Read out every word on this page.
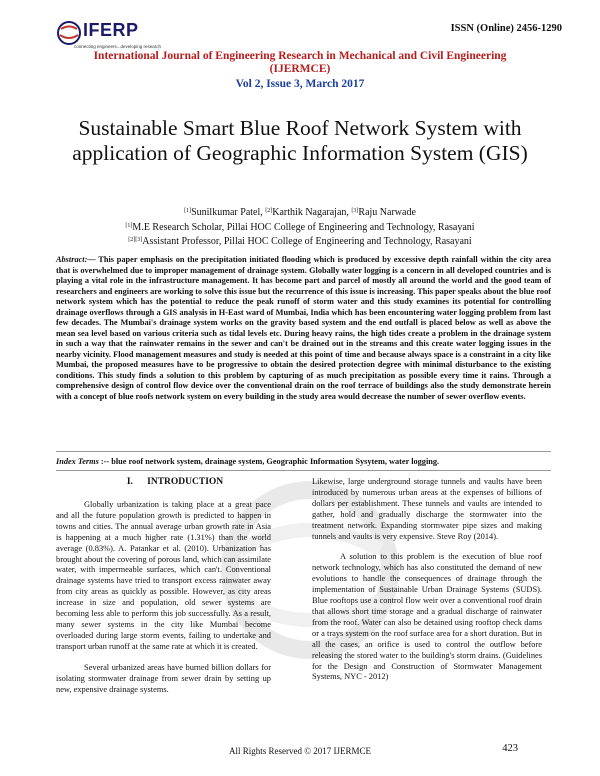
IFERP
connecting engineers...developing research
ISSN (Online) 2456-1290
International Journal of Engineering Research in Mechanical and Civil Engineering
(IJERMCE)
Vol 2, Issue 3, March 2017
Sustainable Smart Blue Roof Network System with application of Geographic Information System (GIS)
[1]Sunilkumar Patel, [2]Karthik Nagarajan, [3]Raju Narwade
[1]M.E Research Scholar, Pillai HOC College of Engineering and Technology, Rasayani
[2][3]Assistant Professor, Pillai HOC College of Engineering and Technology, Rasayani
Abstract:— This paper emphasis on the precipitation initiated flooding which is produced by excessive depth rainfall within the city area that is overwhelmed due to improper management of drainage system. Globally water logging is a concern in all developed countries and is playing a vital role in the infrastructure management. It has become part and parcel of mostly all around the world and the good team of researchers and engineers are working to solve this issue but the recurrence of this issue is increasing. This paper speaks about the blue roof network system which has the potential to reduce the peak runoff of storm water and this study examines its potential for controlling drainage overflows through a GIS analysis in H-East ward of Mumbai, India which has been encountering water logging problem from last few decades. The Mumbai's drainage system works on the gravity based system and the end outfall is placed below as well as above the mean sea level based on various criteria such as tidal levels etc. During heavy rains, the high tides create a problem in the drainage system in such a way that the rainwater remains in the sewer and can't be drained out in the streams and this create water logging issues in the nearby vicinity. Flood management measures and study is needed at this point of time and because always space is a constraint in a city like Mumbai, the proposed measures have to be progressive to obtain the desired protection degree with minimal disturbance to the existing conditions. This study finds a solution to this problem by capturing of as much precipitation as possible every time it rains. Through a comprehensive design of control flow device over the conventional drain on the roof terrace of buildings also the study demonstrate herein with a concept of blue roofs network system on every building in the study area would decrease the number of sewer overflow events.
Index Terms :-- blue roof network system, drainage system, Geographic Information Sysytem, water logging.
I. INTRODUCTION

Globally urbanization is taking place at a great pace and all the future population growth is predicted to happen in towns and cities. The annual average urban growth rate in Asia is happening at a much higher rate (1.31%) than the world average (0.83%). A. Patankar et al. (2010). Urbanization has brought about the covering of porous land, which can assimilate water, with impermeable surfaces, which can't. Conventional drainage systems have tried to transport excess rainwater away from city areas as quickly as possible. However, as city areas increase in size and population, old sewer systems are becoming less able to perform this job successfully. As a result, many sewer systems in the city like Mumbai become overloaded during large storm events, failing to undertake and transport urban runoff at the same rate at which it is created.

Several urbanized areas have burned billion dollars for isolating stormwater drainage from sewer drain by setting up new, expensive drainage systems.

Likewise, large underground storage tunnels and vaults have been introduced by numerous urban areas at the expenses of billions of dollars per establishment. These tunnels and vaults are intended to gather, hold and gradually discharge the stormwater into the treatment network. Expanding stormwater pipe sizes and making tunnels and vaults is very expensive. Steve Roy (2014).

A solution to this problem is the execution of blue roof network technology, which has also constituted the demand of new evolutions to handle the consequences of drainage through the implementation of Sustainable Urban Drainage Systems (SUDS). Blue rooftops use a control flow weir over a conventional roof drain that allows short time storage and a gradual discharge of rainwater from the roof. Water can also be detained using rooftop check dams or a trays system on the roof surface area for a short duration. But in all the cases, an orifice is used to control the outflow before releasing the stored water to the building's storm drains. (Guidelines for the Design and Construction of Stormwater Management Systems, NYC - 2012)

All Rights Reserved © 2017 IJERMCE	423
